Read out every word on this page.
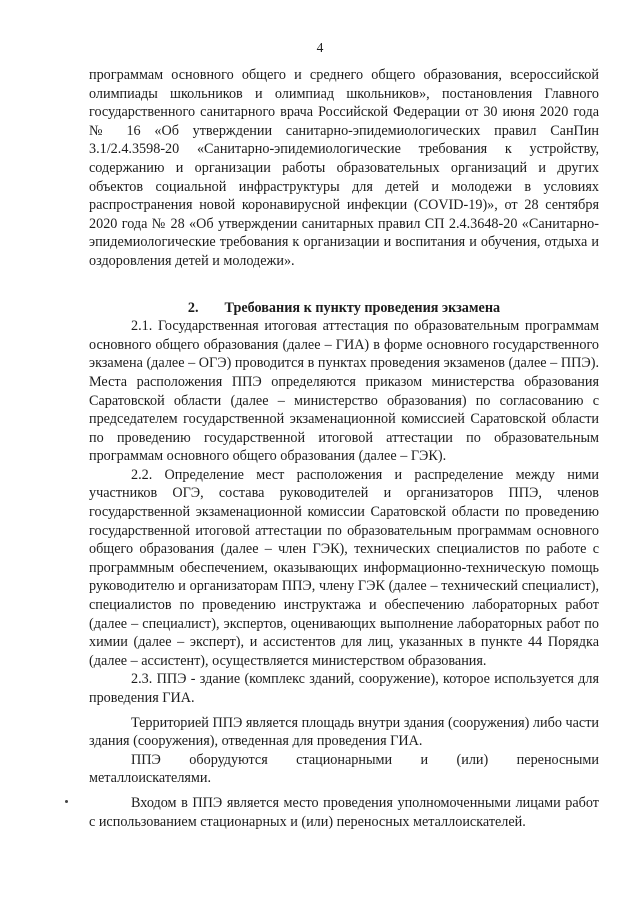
4

программам основного общего и среднего общего образования, всероссийской олимпиады школьников и олимпиад школьников», постановления Главного государственного санитарного врача Российской Федерации от 30 июня 2020 года № 16 «Об утверждении санитарно-эпидемиологических правил СанПин 3.1/2.4.3598-20 «Санитарно-эпидемиологические требования к устройству, содержанию и организации работы образовательных организаций и других объектов социальной инфраструктуры для детей и молодежи в условиях распространения новой коронавирусной инфекции (COVID-19)», от 28 сентября 2020 года № 28 «Об утверждении санитарных правил СП 2.4.3648-20 «Санитарно-эпидемиологические требования к организации и воспитания и обучения, отдыха и оздоровления детей и молодежи».

2. Требования к пункту проведения экзамена

2.1. Государственная итоговая аттестация по образовательным программам основного общего образования (далее – ГИА) в форме основного государственного экзамена (далее – ОГЭ) проводится в пунктах проведения экзаменов (далее – ППЭ). Места расположения ППЭ определяются приказом министерства образования Саратовской области (далее – министерство образования) по согласованию с председателем государственной экзаменационной комиссией Саратовской области по проведению государственной итоговой аттестации по образовательным программам основного общего образования (далее – ГЭК).

2.2. Определение мест расположения и распределение между ними участников ОГЭ, состава руководителей и организаторов ППЭ, членов государственной экзаменационной комиссии Саратовской области по проведению государственной итоговой аттестации по образовательным программам основного общего образования (далее – член ГЭК), технических специалистов по работе с программным обеспечением, оказывающих информационно-техническую помощь руководителю и организаторам ППЭ, члену ГЭК (далее – технический специалист), специалистов по проведению инструктажа и обеспечению лабораторных работ (далее – специалист), экспертов, оценивающих выполнение лабораторных работ по химии (далее – эксперт), и ассистентов для лиц, указанных в пункте 44 Порядка (далее – ассистент), осуществляется министерством образования.

2.3. ППЭ - здание (комплекс зданий, сооружение), которое используется для проведения ГИА.

Территорией ППЭ является площадь внутри здания (сооружения) либо части здания (сооружения), отведенная для проведения ГИА.

ППЭ оборудуются стационарными и (или) переносными металлоискателями.

Входом в ППЭ является место проведения уполномоченными лицами работ с использованием стационарных и (или) переносных металлоискателей.
